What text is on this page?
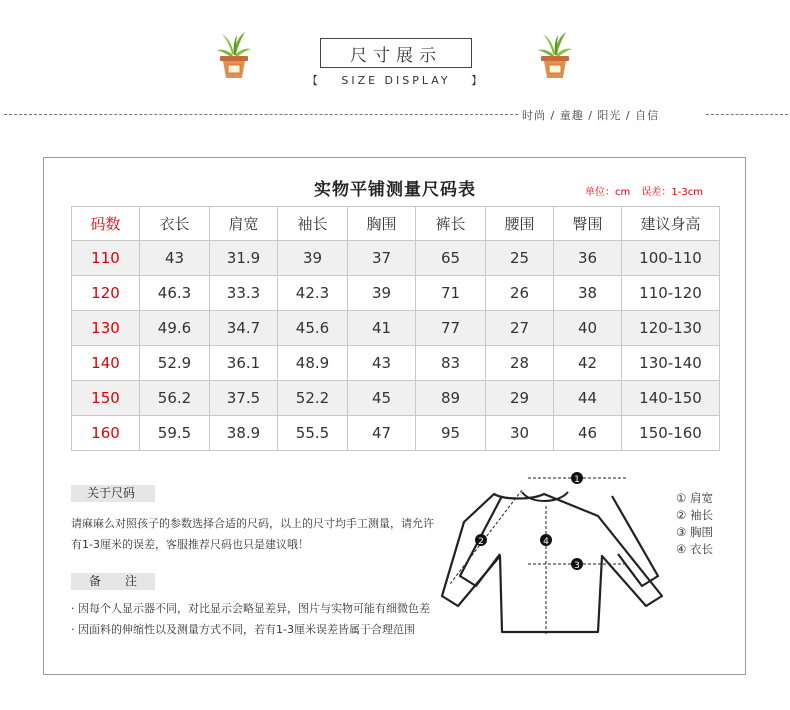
尺寸展示
【 SIZE DISPLAY 】
时尚 / 童趣 / 阳光 / 自信
实物平铺测量尺码表	单位：cm 误差：1-3cm
码数	衣长	肩宽	袖长	胸围	裤长	腰围	臀围	建议身高
110	43	31.9	39	37	65	25	36	100-110
120	46.3	33.3	42.3	39	71	26	38	110-120
130	49.6	34.7	45.6	41	77	27	40	120-130
140	52.9	36.1	48.9	43	83	28	42	130-140
150	56.2	37.5	52.2	45	89	29	44	140-150
160	59.5	38.9	55.5	47	95	30	46	150-160
关于尺码
请麻麻么对照孩子的参数选择合适的尺码，以上的尺寸均手工测量，请允许
有1-3厘米的误差，客服推荐尺码也只是建议哦！
备　　注
· 因每个人显示器不同，对比显示会略显差异，图片与实物可能有细微色差
· 因面料的伸缩性以及测量方式不同，若有1-3厘米误差皆属于合理范围
1
2
3
4
① 肩宽
② 袖长
③ 胸围
④ 衣长
